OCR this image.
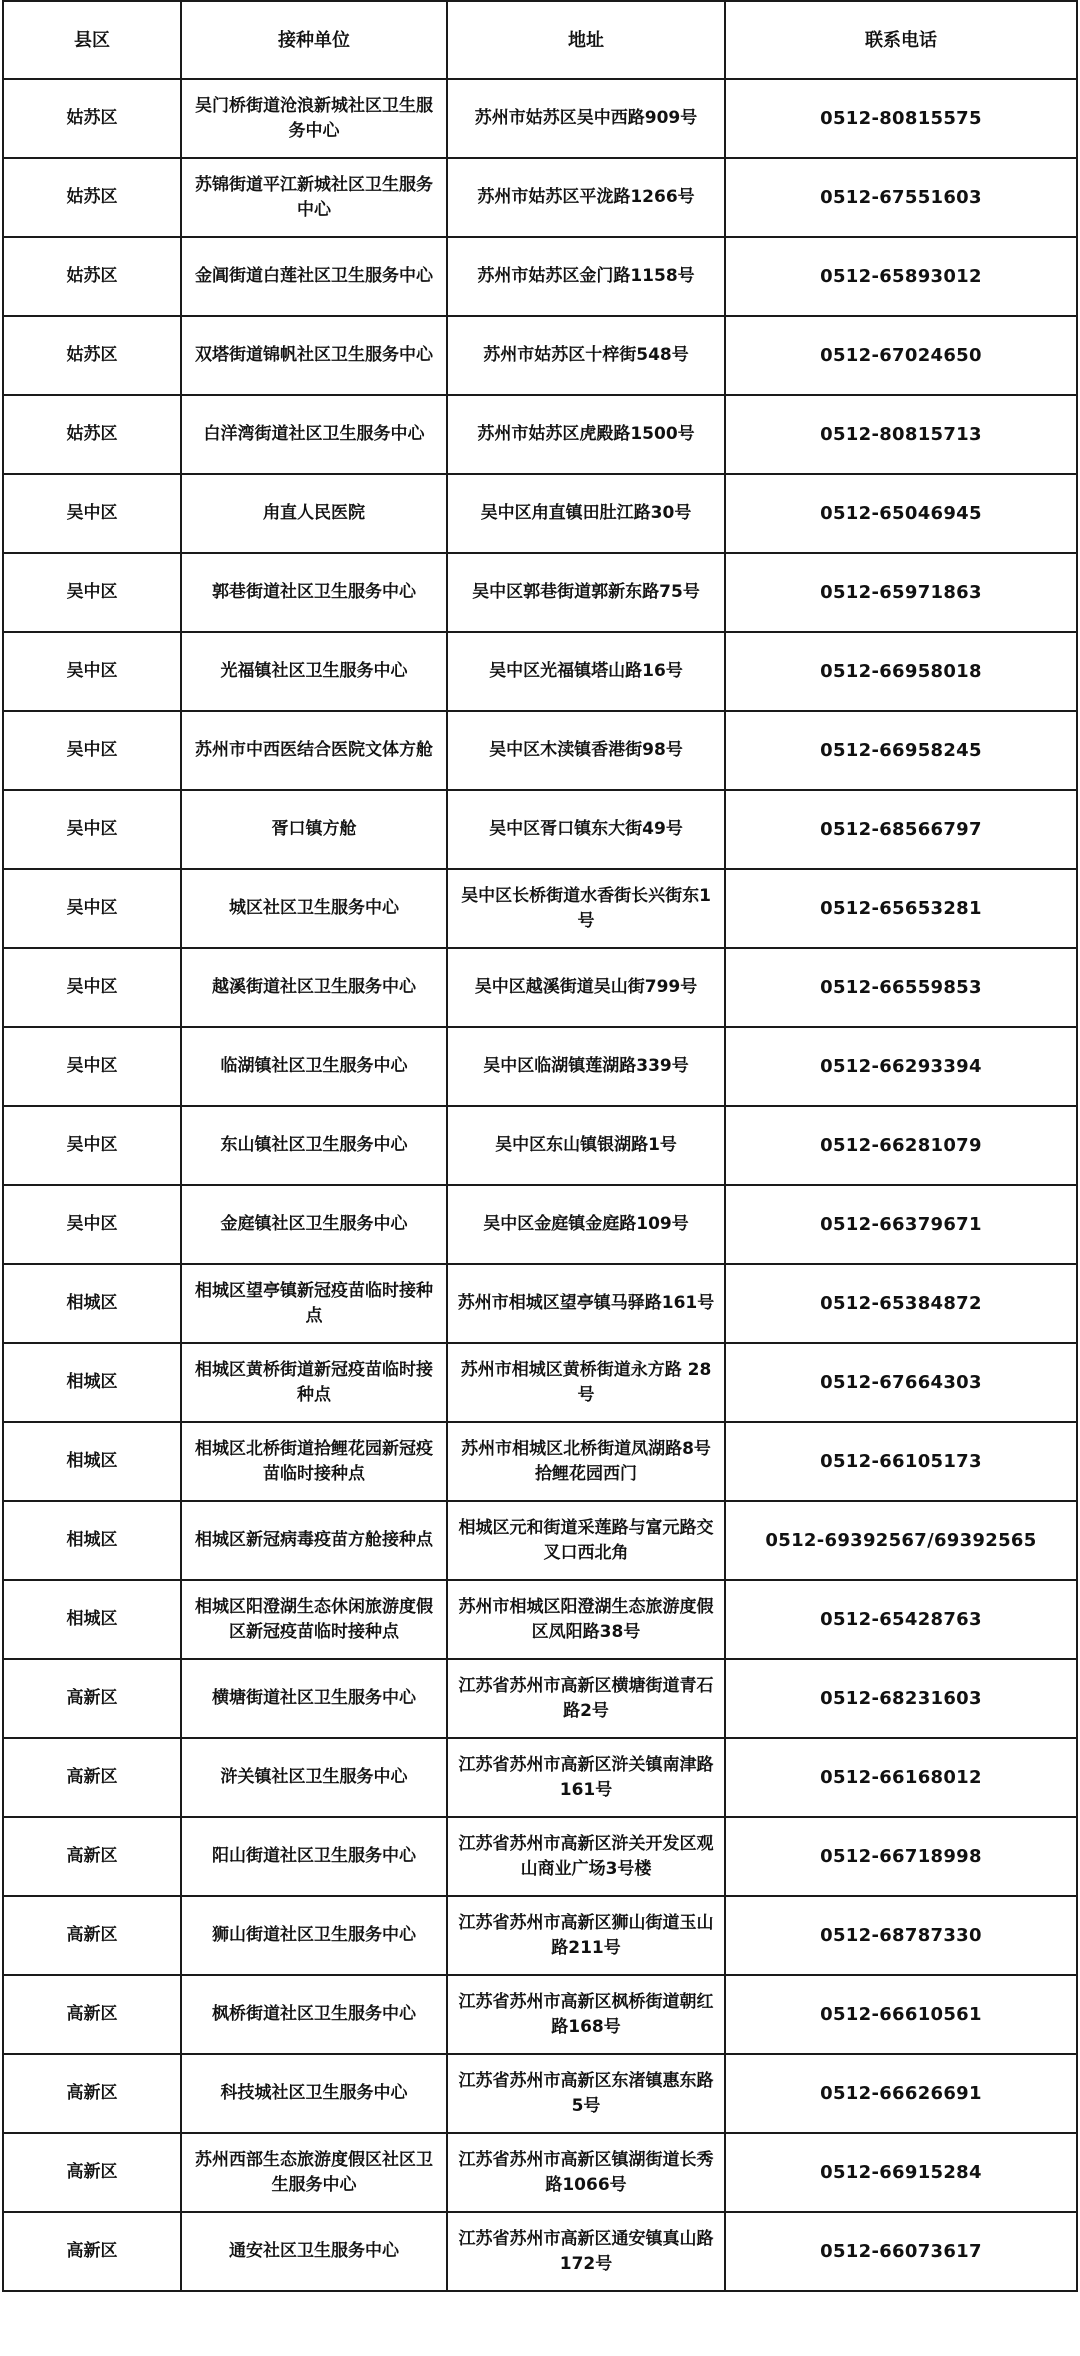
县区	接种单位	地址	联系电话
姑苏区	吴门桥街道沧浪新城社区卫生服务中心	苏州市姑苏区吴中西路909号	0512-80815575
姑苏区	苏锦街道平江新城社区卫生服务中心	苏州市姑苏区平泷路1266号	0512-67551603
姑苏区	金阊街道白莲社区卫生服务中心	苏州市姑苏区金门路1158号	0512-65893012
姑苏区	双塔街道锦帆社区卫生服务中心	苏州市姑苏区十梓街548号	0512-67024650
姑苏区	白洋湾街道社区卫生服务中心	苏州市姑苏区虎殿路1500号	0512-80815713
吴中区	甪直人民医院	吴中区甪直镇田肚江路30号	0512-65046945
吴中区	郭巷街道社区卫生服务中心	吴中区郭巷街道郭新东路75号	0512-65971863
吴中区	光福镇社区卫生服务中心	吴中区光福镇塔山路16号	0512-66958018
吴中区	苏州市中西医结合医院文体方舱	吴中区木渎镇香港街98号	0512-66958245
吴中区	胥口镇方舱	吴中区胥口镇东大街49号	0512-68566797
吴中区	城区社区卫生服务中心	吴中区长桥街道水香街长兴街东1号	0512-65653281
吴中区	越溪街道社区卫生服务中心	吴中区越溪街道吴山街799号	0512-66559853
吴中区	临湖镇社区卫生服务中心	吴中区临湖镇莲湖路339号	0512-66293394
吴中区	东山镇社区卫生服务中心	吴中区东山镇银湖路1号	0512-66281079
吴中区	金庭镇社区卫生服务中心	吴中区金庭镇金庭路109号	0512-66379671
相城区	相城区望亭镇新冠疫苗临时接种点	苏州市相城区望亭镇马驿路161号	0512-65384872
相城区	相城区黄桥街道新冠疫苗临时接种点	苏州市相城区黄桥街道永方路 28号	0512-67664303
相城区	相城区北桥街道拾鲤花园新冠疫苗临时接种点	苏州市相城区北桥街道凤湖路8号拾鲤花园西门	0512-66105173
相城区	相城区新冠病毒疫苗方舱接种点	相城区元和街道采莲路与富元路交叉口西北角	0512-69392567/69392565
相城区	相城区阳澄湖生态休闲旅游度假区新冠疫苗临时接种点	苏州市相城区阳澄湖生态旅游度假区凤阳路38号	0512-65428763
高新区	横塘街道社区卫生服务中心	江苏省苏州市高新区横塘街道青石路2号	0512-68231603
高新区	浒关镇社区卫生服务中心	江苏省苏州市高新区浒关镇南津路161号	0512-66168012
高新区	阳山街道社区卫生服务中心	江苏省苏州市高新区浒关开发区观山商业广场3号楼	0512-66718998
高新区	狮山街道社区卫生服务中心	江苏省苏州市高新区狮山街道玉山路211号	0512-68787330
高新区	枫桥街道社区卫生服务中心	江苏省苏州市高新区枫桥街道朝红路168号	0512-66610561
高新区	科技城社区卫生服务中心	江苏省苏州市高新区东渚镇惠东路5号	0512-66626691
高新区	苏州西部生态旅游度假区社区卫生服务中心	江苏省苏州市高新区镇湖街道长秀路1066号	0512-66915284
高新区	通安社区卫生服务中心	江苏省苏州市高新区通安镇真山路172号	0512-66073617
